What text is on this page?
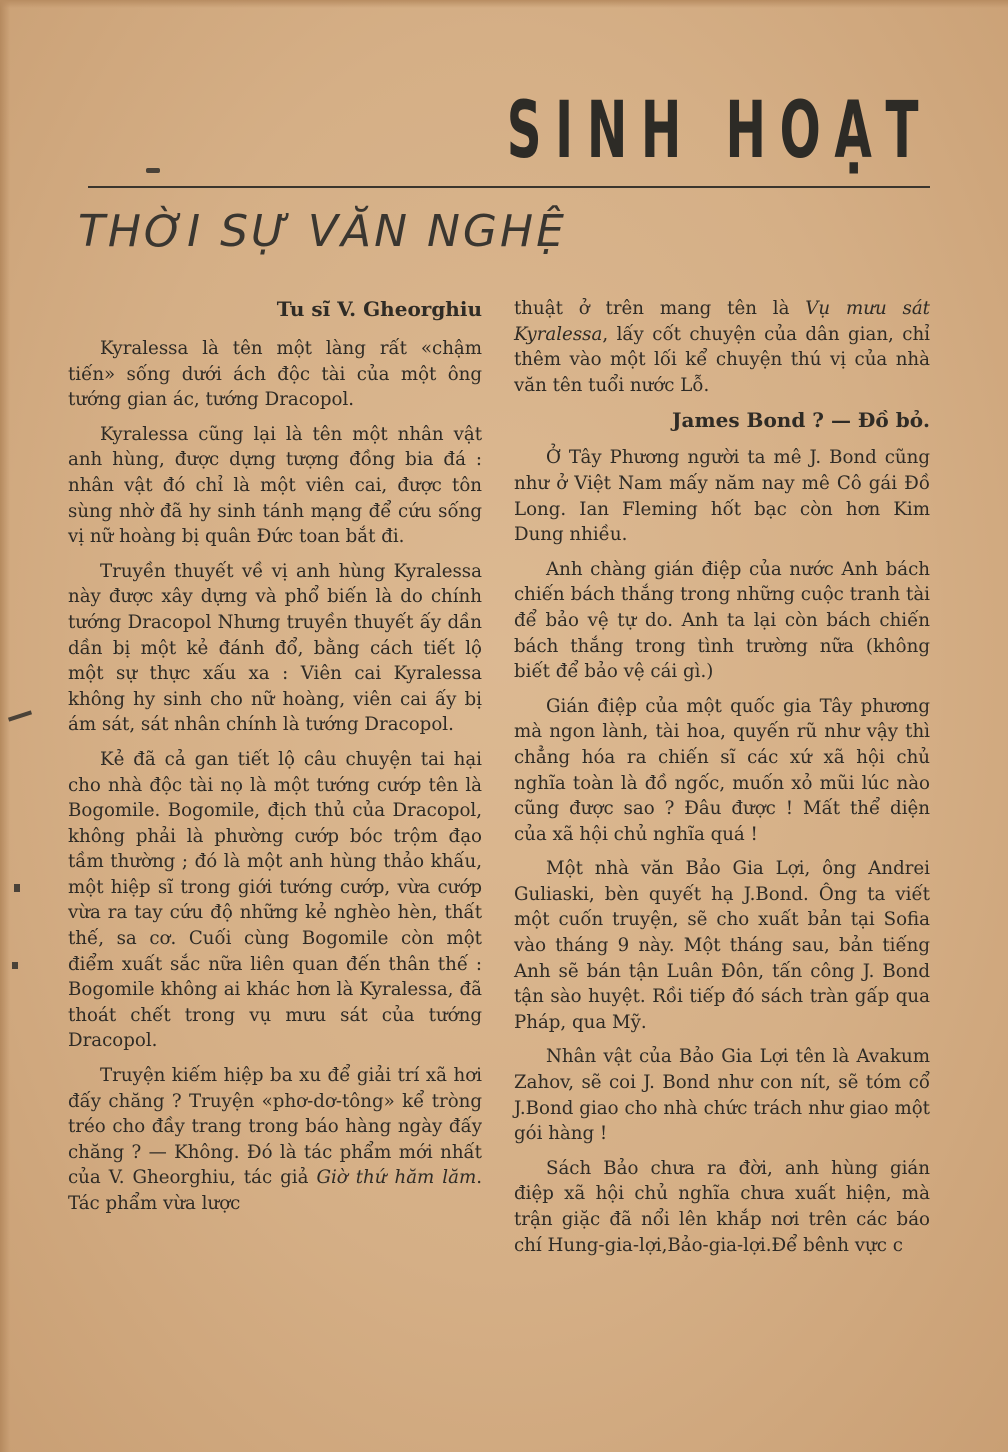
SINH HOẠT
THỜI SỰ VĂN NGHỆ
Tu sĩ V. Gheorghiu

Kyralessa là tên một làng rất «chậm tiến» sống dưới ách độc tài của một ông tướng gian ác, tướng Dracopol.

Kyralessa cũng lại là tên một nhân vật anh hùng, được dựng tượng đồng bia đá : nhân vật đó chỉ là một viên cai, được tôn sùng nhờ đã hy sinh tánh mạng để cứu sống vị nữ hoàng bị quân Đức toan bắt đi.

Truyền thuyết về vị anh hùng Kyralessa này được xây dựng và phổ biến là do chính tướng Dracopol Nhưng truyền thuyết ấy dần dần bị một kẻ đánh đổ, bằng cách tiết lộ một sự thực xấu xa : Viên cai Kyralessa không hy sinh cho nữ hoàng, viên cai ấy bị ám sát, sát nhân chính là tướng Dracopol.

Kẻ đã cả gan tiết lộ câu chuyện tai hại cho nhà độc tài nọ là một tướng cướp tên là Bogomile. Bogomile, địch thủ của Dracopol, không phải là phường cướp bóc trộm đạo tầm thường ; đó là một anh hùng thảo khấu, một hiệp sĩ trong giới tướng cướp, vừa cướp vừa ra tay cứu độ những kẻ nghèo hèn, thất thế, sa cơ. Cuối cùng Bogomile còn một điểm xuất sắc nữa liên quan đến thân thế : Bogomile không ai khác hơn là Kyralessa, đã thoát chết trong vụ mưu sát của tướng Dracopol.

Truyện kiếm hiệp ba xu để giải trí xã hơi đấy chăng ? Truyện «phơ-dơ-tông» kể tròng tréo cho đầy trang trong báo hàng ngày đấy chăng ? — Không. Đó là tác phẩm mới nhất của V. Gheorghiu, tác giả Giờ thứ hăm lăm. Tác phẩm vừa lược

thuật ở trên mang tên là Vụ mưu sát Kyralessa, lấy cốt chuyện của dân gian, chỉ thêm vào một lối kể chuyện thú vị của nhà văn tên tuổi nước Lỗ.

James Bond ? — Đồ bỏ.

Ở Tây Phương người ta mê J. Bond cũng như ở Việt Nam mấy năm nay mê Cô gái Đồ Long. Ian Fleming hốt bạc còn hơn Kim Dung nhiều.

Anh chàng gián điệp của nước Anh bách chiến bách thắng trong những cuộc tranh tài để bảo vệ tự do. Anh ta lại còn bách chiến bách thắng trong tình trường nữa (không biết để bảo vệ cái gì.)

Gián điệp của một quốc gia Tây phương mà ngon lành, tài hoa, quyến rũ như vậy thì chẳng hóa ra chiến sĩ các xứ xã hội chủ nghĩa toàn là đồ ngốc, muốn xỏ mũi lúc nào cũng được sao ? Đâu được ! Mất thể diện của xã hội chủ nghĩa quá !

Một nhà văn Bảo Gia Lợi, ông Andrei Guliaski, bèn quyết hạ J.Bond. Ông ta viết một cuốn truyện, sẽ cho xuất bản tại Sofia vào tháng 9 này. Một tháng sau, bản tiếng Anh sẽ bán tận Luân Đôn, tấn công J. Bond tận sào huyệt. Rồi tiếp đó sách tràn gấp qua Pháp, qua Mỹ.

Nhân vật của Bảo Gia Lợi tên là Avakum Zahov, sẽ coi J. Bond như con nít, sẽ tóm cổ J.Bond giao cho nhà chức trách như giao một gói hàng !

Sách Bảo chưa ra đời, anh hùng gián điệp xã hội chủ nghĩa chưa xuất hiện, mà trận giặc đã nổi lên khắp nơi trên các báo chí Hung-gia-lợi,Bảo-gia-lợi.Để bênh vực c
